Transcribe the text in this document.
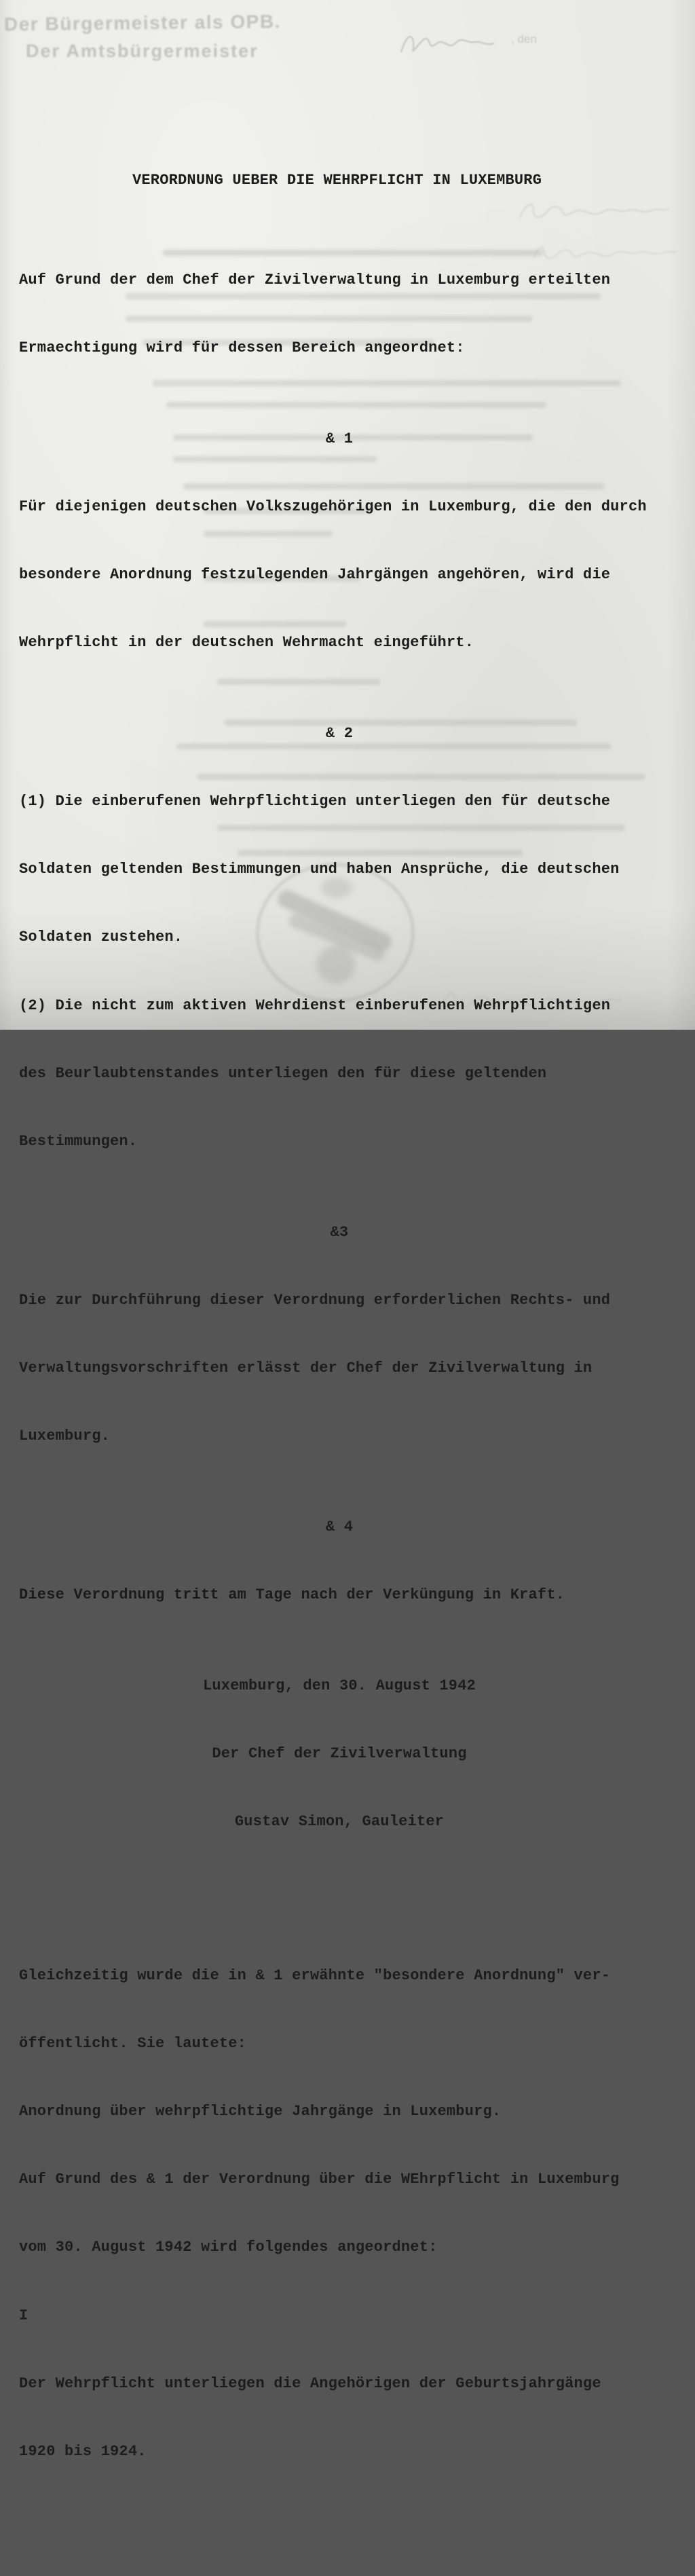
Der Bürgermeister als OPB.
Der Amtsbürgermeister
, den

VERORDNUNG UEBER DIE WEHRPFLICHT IN LUXEMBURG

Auf Grund der dem Chef der Zivilverwaltung in Luxemburg erteilten

Ermaechtigung wird für dessen Bereich angeordnet:

& 1

Für diejenigen deutschen Volkszugehörigen in Luxemburg, die den durch

besondere Anordnung festzulegenden Jahrgängen angehören, wird die

Wehrpflicht in der deutschen Wehrmacht eingeführt.

& 2

(1) Die einberufenen Wehrpflichtigen unterliegen den für deutsche

Soldaten geltenden Bestimmungen und haben Ansprüche, die deutschen

Soldaten zustehen.

(2) Die nicht zum aktiven Wehrdienst einberufenen Wehrpflichtigen

des Beurlaubtenstandes unterliegen den für diese geltenden

Bestimmungen.

&3

Die zur Durchführung dieser Verordnung erforderlichen Rechts- und

Verwaltungsvorschriften erlässt der Chef der Zivilverwaltung in

Luxemburg.

& 4

Diese Verordnung tritt am Tage nach der Verküngung in Kraft.

Luxemburg, den 30. August 1942

Der Chef der Zivilverwaltung

Gustav Simon, Gauleiter

Gleichzeitig wurde die in & 1 erwähnte "besondere Anordnung" ver-

öffentlicht. Sie lautete:

Anordnung über wehrpflichtige Jahrgänge in Luxemburg.

Auf Grund des & 1 der Verordnung über die WEhrpflicht in Luxemburg

vom 30. August 1942 wird folgendes angeordnet:

I

Der Wehrpflicht unterliegen die Angehörigen der Geburtsjahrgänge

1920 bis 1924.
